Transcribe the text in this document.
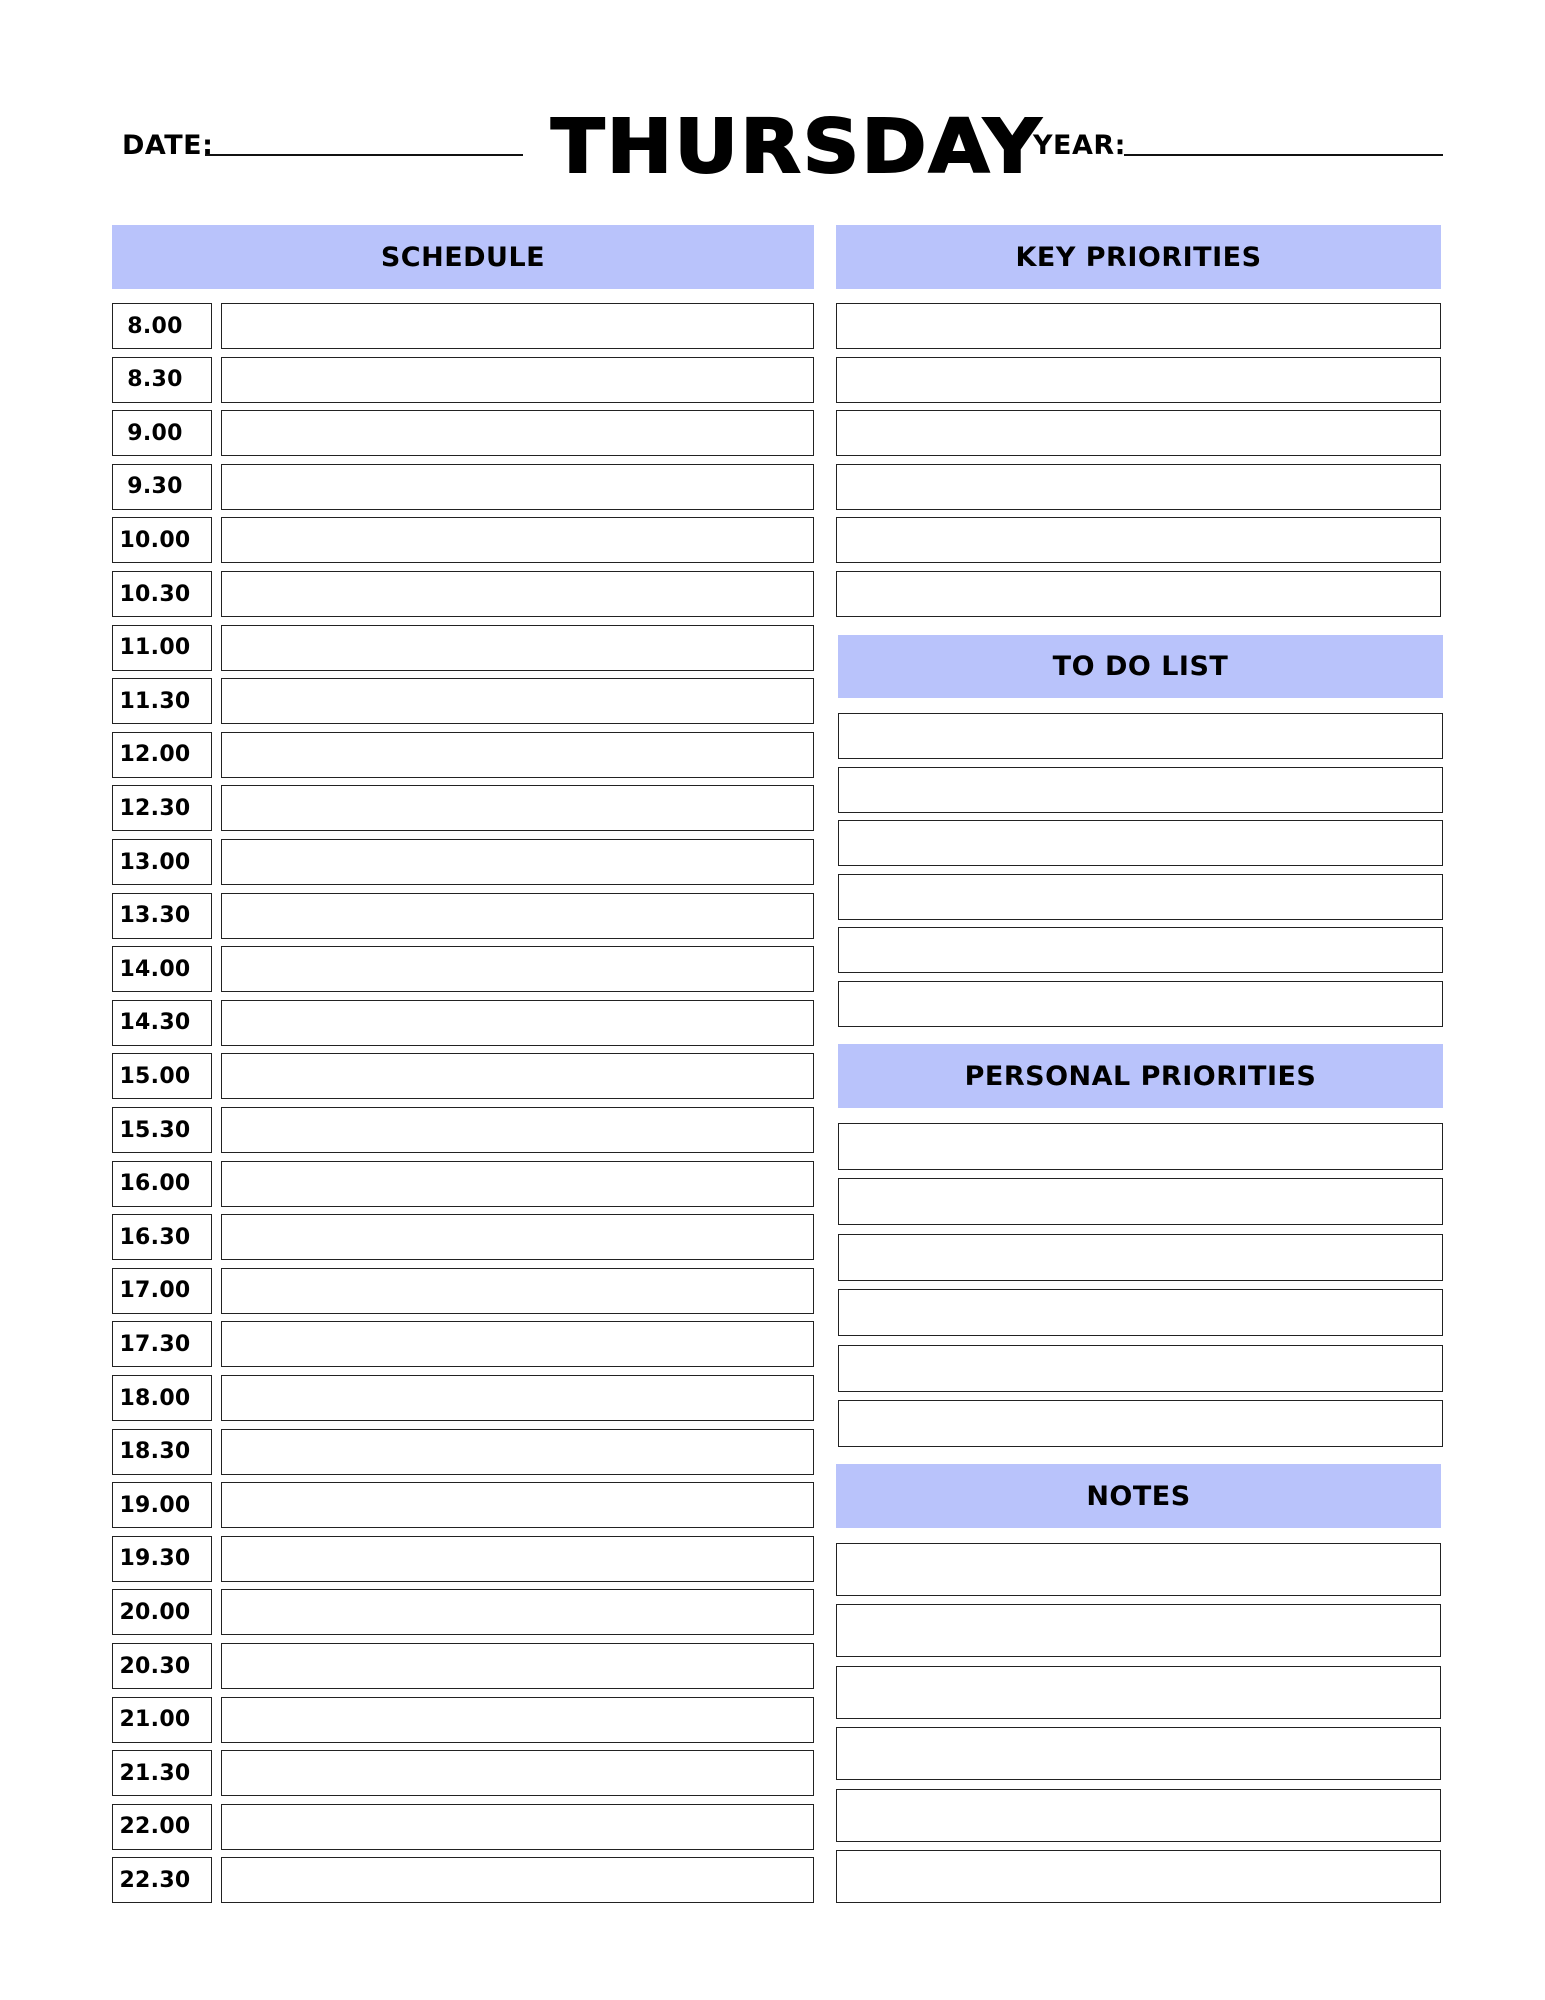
DATE:	THURSDAY
YEAR:
SCHEDULE
8.00
8.30
9.00
9.30
10.00
10.30
11.00
11.30
12.00
12.30
13.00
13.30
14.00
14.30
15.00
15.30
16.00
16.30
17.00
17.30
18.00
18.30
19.00
19.30
20.00
20.30
21.00
21.30
22.00
22.30
KEY PRIORITIES
TO DO LIST
PERSONAL PRIORITIES
NOTES
